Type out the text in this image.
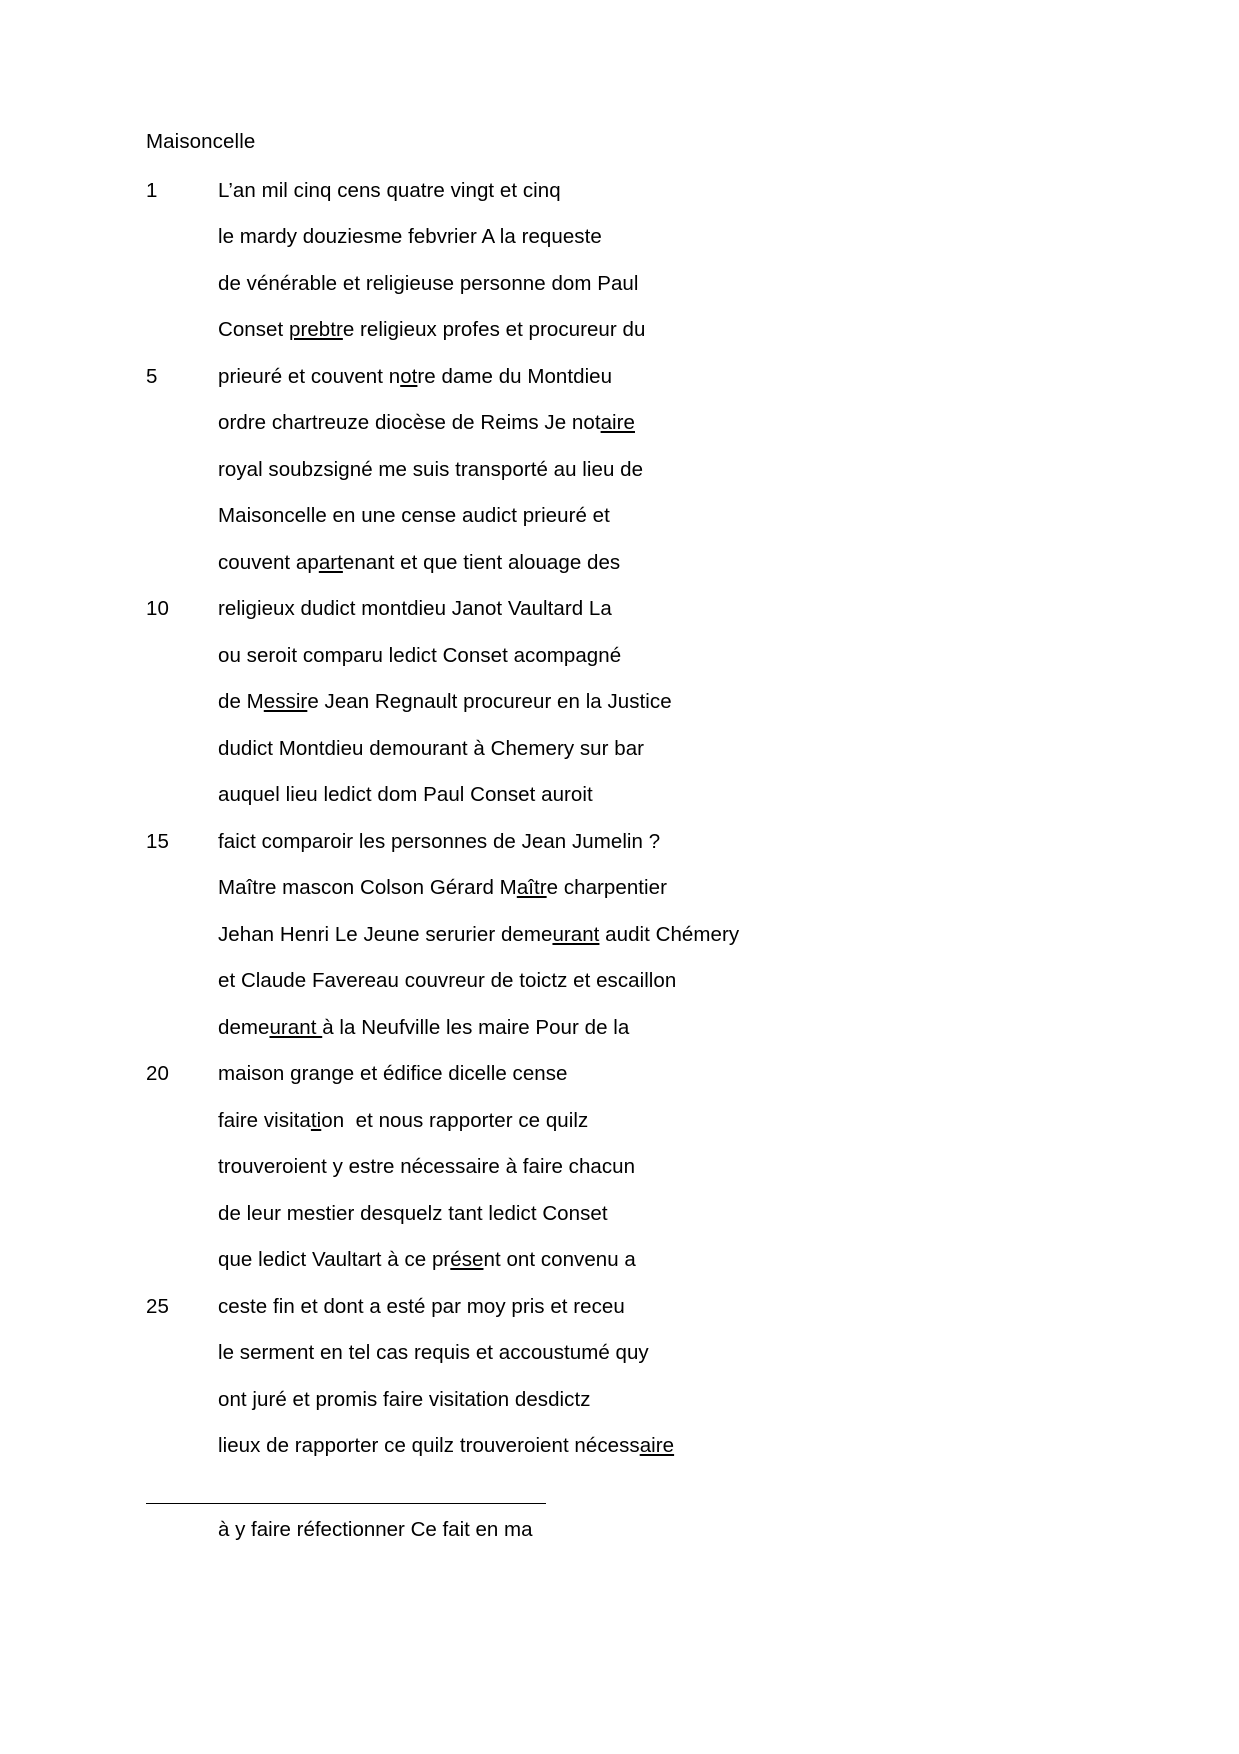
Maisoncelle
1	L’an mil cinq cens quatre vingt et cinq
le mardy douziesme febvrier A la requeste
de vénérable et religieuse personne dom Paul
Conset prebtre religieux profes et procureur du
5	prieuré et couvent notre dame du Montdieu
ordre chartreuze diocèse de Reims Je notaire
royal soubzsigné me suis transporté au lieu de
Maisoncelle en une cense audict prieuré et
couvent apartenant et que tient alouage des
10	religieux dudict montdieu Janot Vaultard La
ou seroit comparu ledict Conset acompagné
de Messire Jean Regnault procureur en la Justice
dudict Montdieu demourant à Chemery sur bar
auquel lieu ledict dom Paul Conset auroit
15	faict comparoir les personnes de Jean Jumelin ?
Maître mascon Colson Gérard Maître charpentier
Jehan Henri Le Jeune serurier demeurant audit Chémery
et Claude Favereau couvreur de toictz et escaillon
demeurant à la Neufville les maire Pour de la
20	maison grange et édifice dicelle cense
faire visitation  et nous rapporter ce quilz
trouveroient y estre nécessaire à faire chacun
de leur mestier desquelz tant ledict Conset
que ledict Vaultart à ce présent ont convenu a
25	ceste fin et dont a esté par moy pris et receu
le serment en tel cas requis et accoustumé quy
ont juré et promis faire visitation desdictz
lieux de rapporter ce quilz trouveroient nécessaire
à y faire réfectionner Ce fait en ma
